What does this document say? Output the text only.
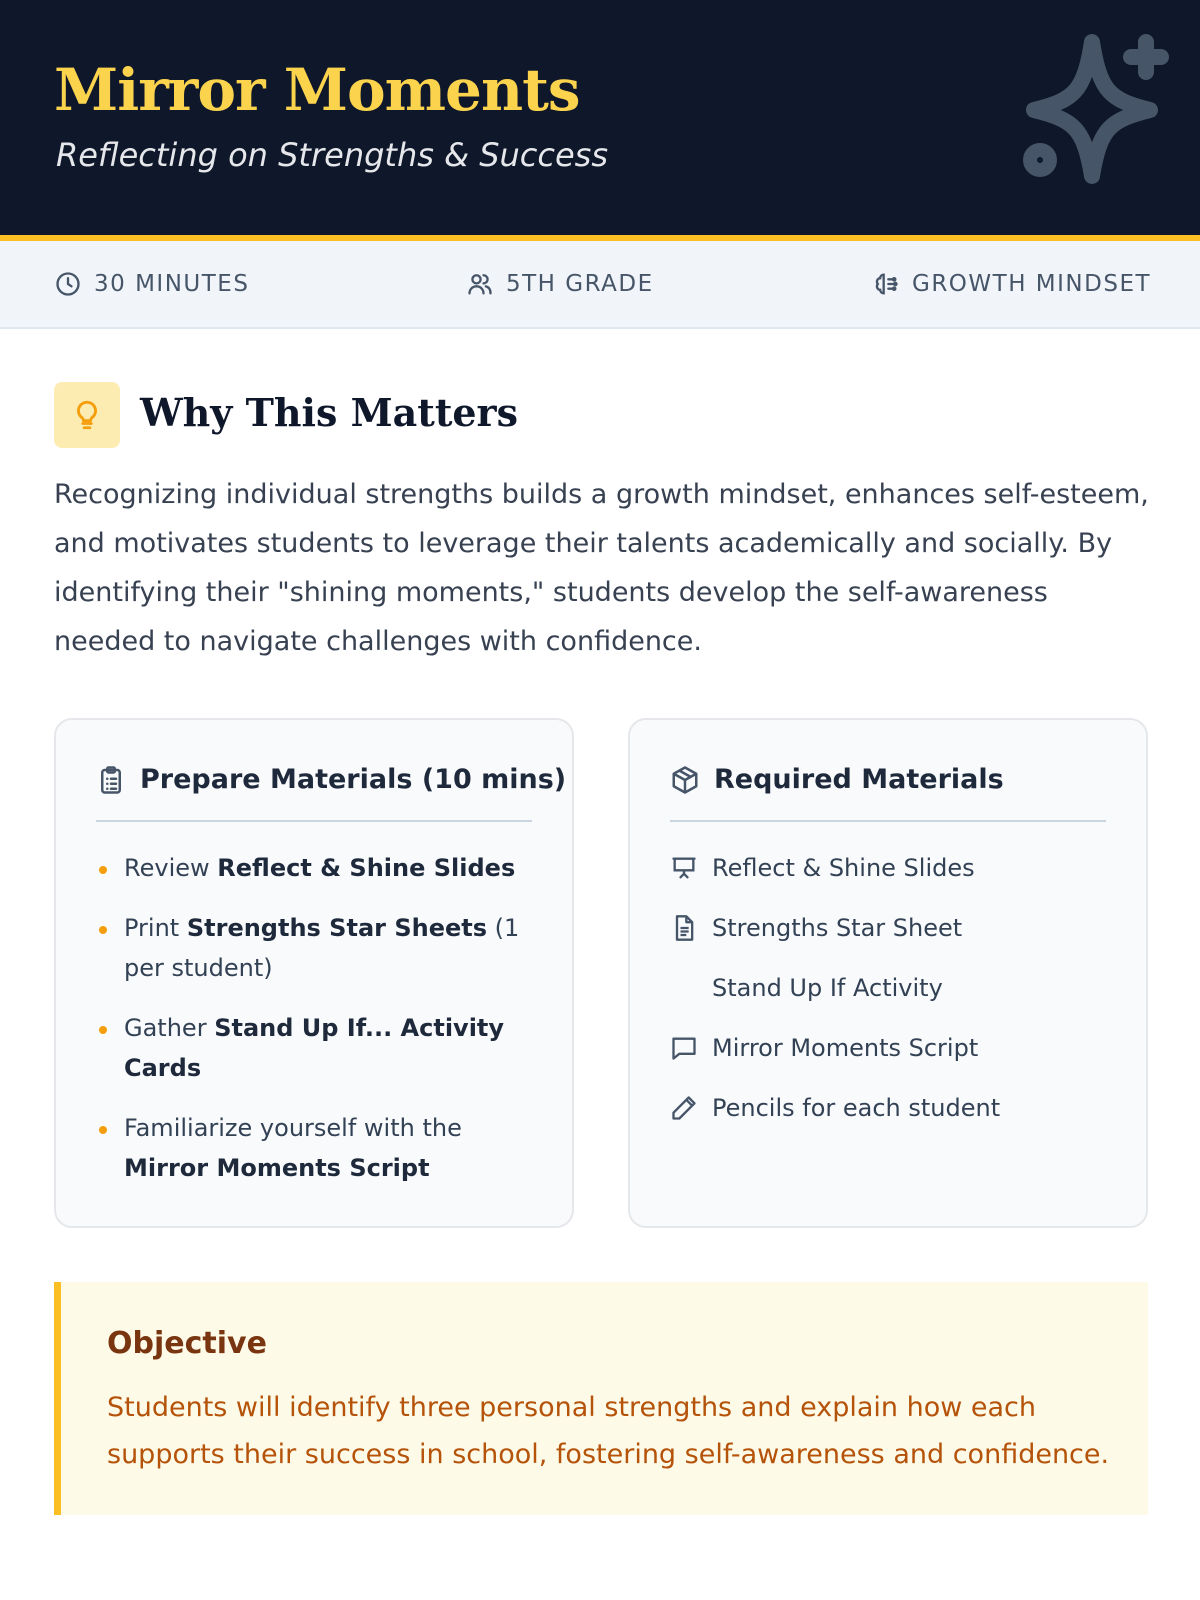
Mirror Moments
Reflecting on Strengths & Success
30 MINUTES	5TH GRADE	GROWTH MINDSET
Why This Matters

Recognizing individual strengths builds a growth mindset, enhances self-esteem, and motivates students to leverage their talents academically and socially. By identifying their "shining moments," students develop the self-awareness needed to navigate challenges with confidence.

Prepare Materials (10 mins)
Review Reflect & Shine Slides
Print Strengths Star Sheets (1 per student)
Gather Stand Up If... Activity Cards
Familiarize yourself with the Mirror Moments Script
Required Materials
Reflect & Shine Slides
Strengths Star Sheet
Stand Up If Activity
Mirror Moments Script
Pencils for each student
Objective

Students will identify three personal strengths and explain how each supports their success in school, fostering self-awareness and confidence.
